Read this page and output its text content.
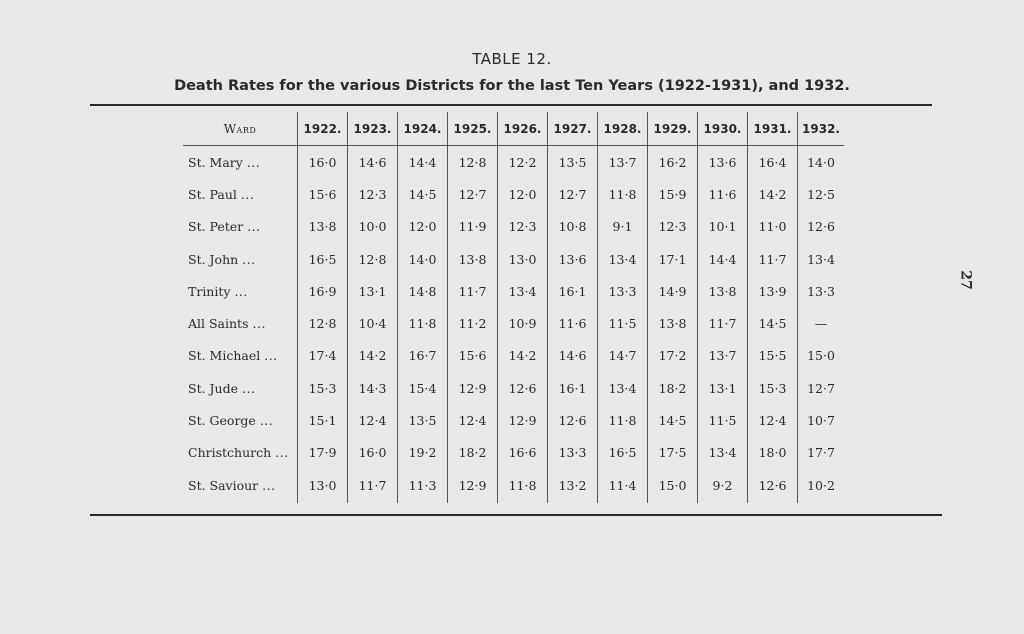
TABLE 12.
Death Rates for the various Districts for the last Ten Years (1922-1931), and 1932.
Ward	1922.	1923.	1924.	1925.	1926.	1927.	1928.	1929.	1930.	1931.	1932.
St. Mary ...	16·0	14·6	14·4	12·8	12·2	13·5	13·7	16·2	13·6	16·4	14·0
St. Paul ...	15·6	12·3	14·5	12·7	12·0	12·7	11·8	15·9	11·6	14·2	12·5
St. Peter ...	13·8	10·0	12·0	11·9	12·3	10·8	9·1	12·3	10·1	11·0	12·6
St. John ...	16·5	12·8	14·0	13·8	13·0	13·6	13·4	17·1	14·4	11·7	13·4
Trinity ...	16·9	13·1	14·8	11·7	13·4	16·1	13·3	14·9	13·8	13·9	13·3
All Saints ...	12·8	10·4	11·8	11·2	10·9	11·6	11·5	13·8	11·7	14·5	—
St. Michael ...	17·4	14·2	16·7	15·6	14·2	14·6	14·7	17·2	13·7	15·5	15·0
St. Jude ...	15·3	14·3	15·4	12·9	12·6	16·1	13·4	18·2	13·1	15·3	12·7
St. George ...	15·1	12·4	13·5	12·4	12·9	12·6	11·8	14·5	11·5	12·4	10·7
Christchurch ...	17·9	16·0	19·2	18·2	16·6	13·3	16·5	17·5	13·4	18·0	17·7
St. Saviour ...	13·0	11·7	11·3	12·9	11·8	13·2	11·4	15·0	9·2	12·6	10·2
27
